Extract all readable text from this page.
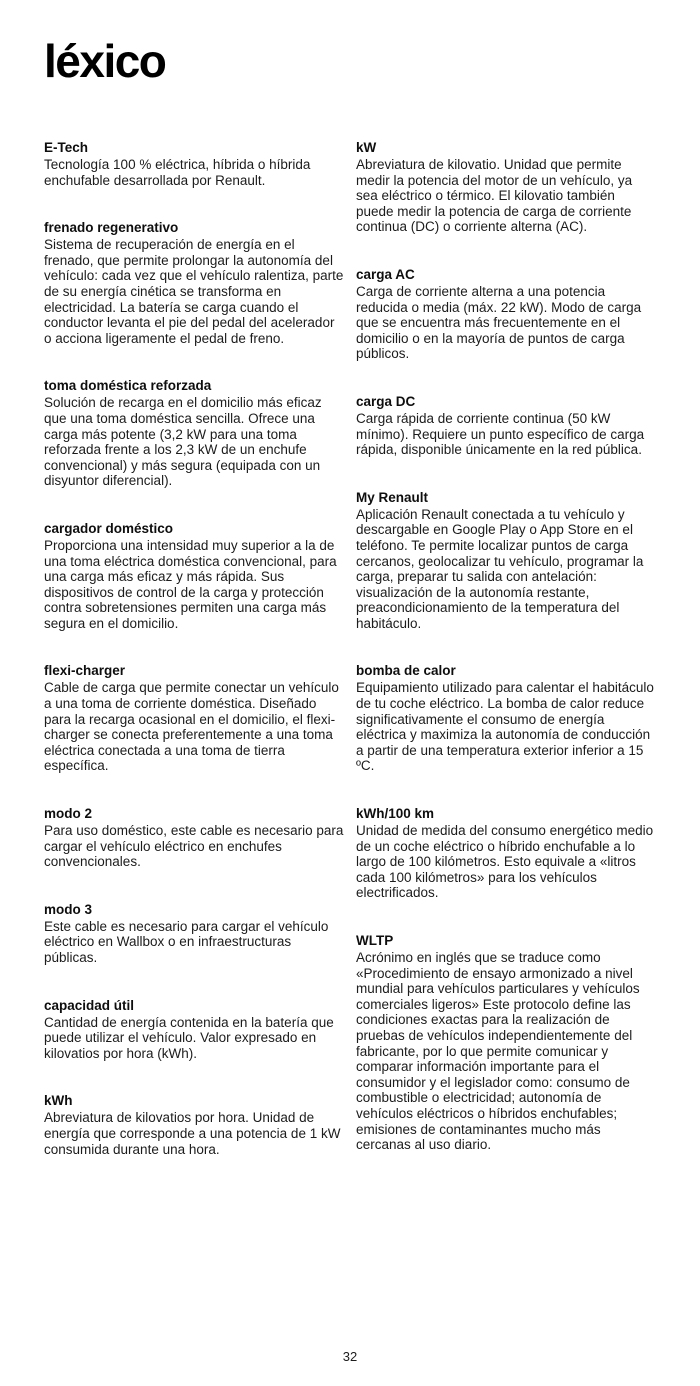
léxico
E-Tech

Tecnología 100 % eléctrica, híbrida o híbrida enchufable desarrollada por Renault.

frenado regenerativo

Sistema de recuperación de energía en el frenado, que permite prolongar la autonomía del vehículo: cada vez que el vehículo ralentiza, parte de su energía cinética se transforma en electricidad. La batería se carga cuando el conductor levanta el pie del pedal del acelerador o acciona ligeramente el pedal de freno.

toma doméstica reforzada

Solución de recarga en el domicilio más eficaz que una toma doméstica sencilla. Ofrece una carga más potente (3,2 kW para una toma reforzada frente a los 2,3 kW de un enchufe convencional) y más segura (equipada con un disyuntor diferencial).

cargador doméstico

Proporciona una intensidad muy superior a la de una toma eléctrica doméstica convencional, para una carga más eficaz y más rápida. Sus dispositivos de control de la carga y protección contra sobretensiones permiten una carga más segura en el domicilio.

flexi-charger

Cable de carga que permite conectar un vehículo a una toma de corriente doméstica. Diseñado para la recarga ocasional en el domicilio, el flexi-charger se conecta preferentemente a una toma eléctrica conectada a una toma de tierra específica.

modo 2

Para uso doméstico, este cable es necesario para cargar el vehículo eléctrico en enchufes convencionales.

modo 3

Este cable es necesario para cargar el vehículo eléctrico en Wallbox o en infraestructuras públicas.

capacidad útil

Cantidad de energía contenida en la batería que puede utilizar el vehículo. Valor expresado en kilovatios por hora (kWh).

kWh

Abreviatura de kilovatios por hora. Unidad de energía que corresponde a una potencia de 1 kW consumida durante una hora.

kW

Abreviatura de kilovatio. Unidad que permite medir la potencia del motor de un vehículo, ya sea eléctrico o térmico. El kilovatio también puede medir la potencia de carga de corriente continua (DC) o corriente alterna (AC).

carga AC

Carga de corriente alterna a una potencia reducida o media (máx. 22 kW). Modo de carga que se encuentra más frecuentemente en el domicilio o en la mayoría de puntos de carga públicos.

carga DC

Carga rápida de corriente continua (50 kW mínimo). Requiere un punto específico de carga rápida, disponible únicamente en la red pública.

My Renault

Aplicación Renault conectada a tu vehículo y descargable en Google Play o App Store en el teléfono. Te permite localizar puntos de carga cercanos, geolocalizar tu vehículo, programar la carga, preparar tu salida con antelación: visualización de la autonomía restante, preacondicionamiento de la temperatura del habitáculo.

bomba de calor

Equipamiento utilizado para calentar el habitáculo de tu coche eléctrico. La bomba de calor reduce significativamente el consumo de energía eléctrica y maximiza la autonomía de conducción a partir de una temperatura exterior inferior a 15 ºC.

kWh/100 km

Unidad de medida del consumo energético medio de un coche eléctrico o híbrido enchufable a lo largo de 100 kilómetros. Esto equivale a «litros cada 100 kilómetros» para los vehículos electrificados.

WLTP

Acrónimo en inglés que se traduce como «Procedimiento de ensayo armonizado a nivel mundial para vehículos particulares y vehículos comerciales ligeros» Este protocolo define las condiciones exactas para la realización de pruebas de vehículos independientemente del fabricante, por lo que permite comunicar y comparar información importante para el consumidor y el legislador como: consumo de combustible o electricidad; autonomía de vehículos eléctricos o híbridos enchufables; emisiones de contaminantes mucho más cercanas al uso diario.

32
